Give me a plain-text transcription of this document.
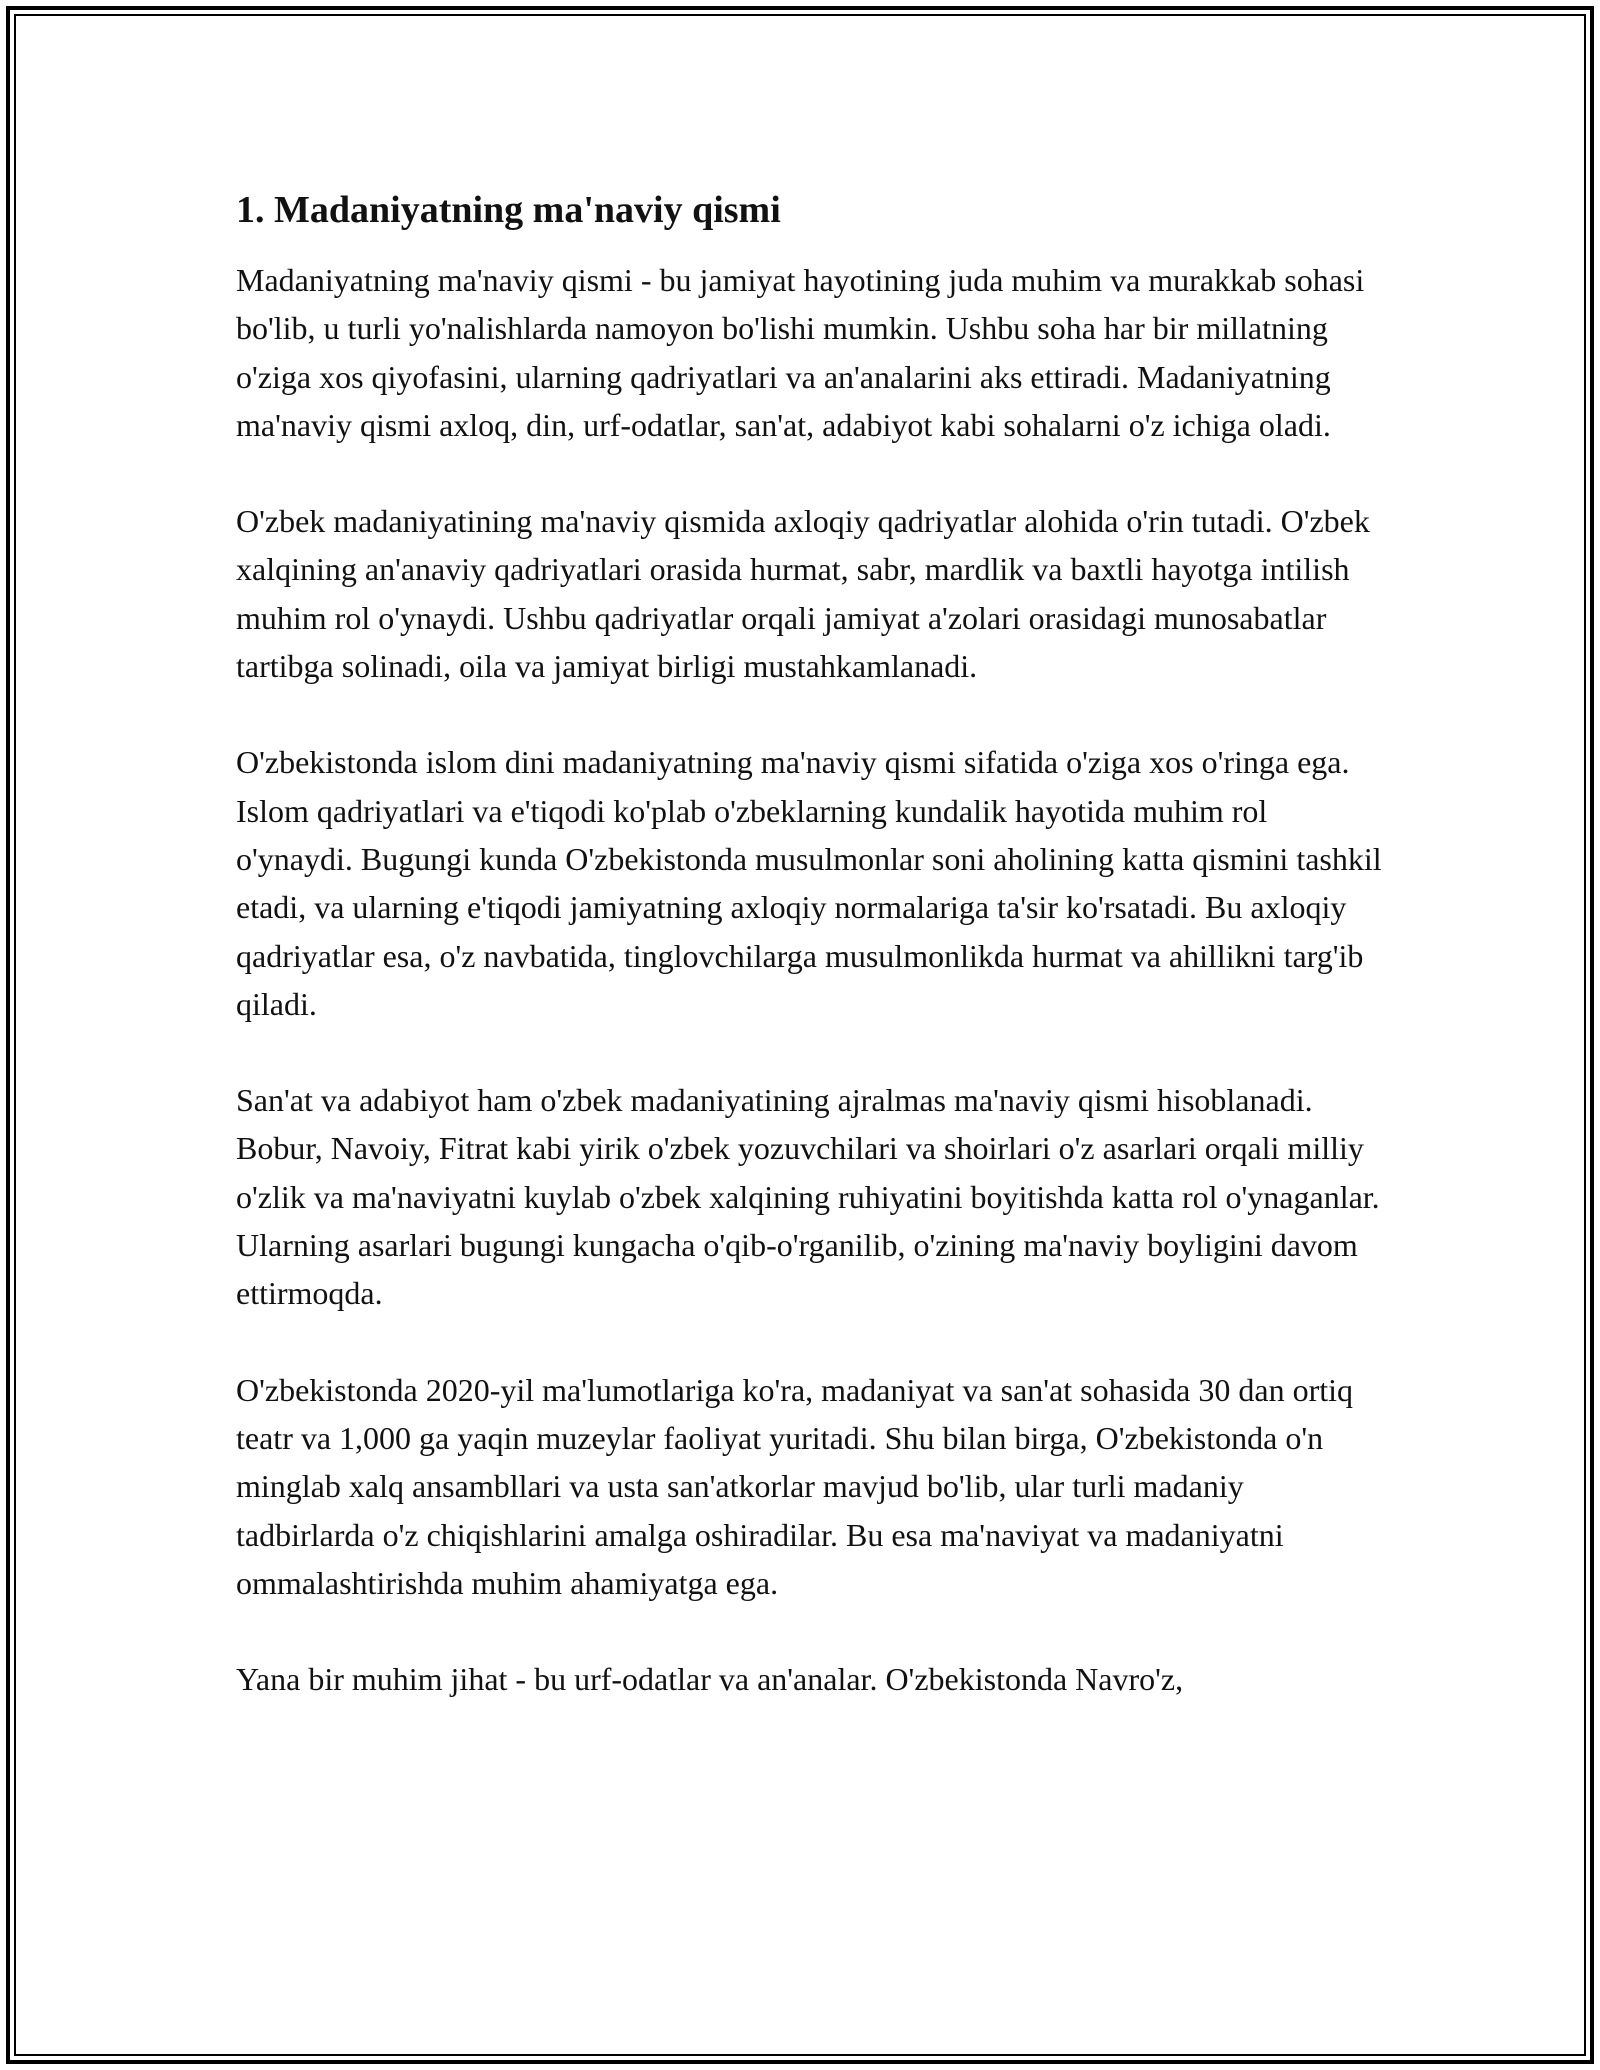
1. Madaniyatning ma'naviy qismi

Madaniyatning ma'naviy qismi - bu jamiyat hayotining juda muhim va murakkab sohasi bo'lib, u turli yo'nalishlarda namoyon bo'lishi mumkin. Ushbu soha har bir millatning o'ziga xos qiyofasini, ularning qadriyatlari va an'analarini aks ettiradi. Madaniyatning ma'naviy qismi axloq, din, urf-odatlar, san'at, adabiyot kabi sohalarni o'z ichiga oladi.

O'zbek madaniyatining ma'naviy qismida axloqiy qadriyatlar alohida o'rin tutadi. O'zbek xalqining an'anaviy qadriyatlari orasida hurmat, sabr, mardlik va baxtli hayotga intilish muhim rol o'ynaydi. Ushbu qadriyatlar orqali jamiyat a'zolari orasidagi munosabatlar tartibga solinadi, oila va jamiyat birligi mustahkamlanadi.

O'zbekistonda islom dini madaniyatning ma'naviy qismi sifatida o'ziga xos o'ringa ega. Islom qadriyatlari va e'tiqodi ko'plab o'zbeklarning kundalik hayotida muhim rol o'ynaydi. Bugungi kunda O'zbekistonda musulmonlar soni aholining katta qismini tashkil etadi, va ularning e'tiqodi jamiyatning axloqiy normalariga ta'sir ko'rsatadi. Bu axloqiy qadriyatlar esa, o'z navbatida, tinglovchilarga musulmonlikda hurmat va ahillikni targ'ib qiladi.

San'at va adabiyot ham o'zbek madaniyatining ajralmas ma'naviy qismi hisoblanadi. Bobur, Navoiy, Fitrat kabi yirik o'zbek yozuvchilari va shoirlari o'z asarlari orqali milliy o'zlik va ma'naviyatni kuylab o'zbek xalqining ruhiyatini boyitishda katta rol o'ynaganlar. Ularning asarlari bugungi kungacha o'qib-o'rganilib, o'zining ma'naviy boyligini davom ettirmoqda.

O'zbekistonda 2020-yil ma'lumotlariga ko'ra, madaniyat va san'at sohasida 30 dan ortiq teatr va 1,000 ga yaqin muzeylar faoliyat yuritadi. Shu bilan birga, O'zbekistonda o'n minglab xalq ansambllari va usta san'atkorlar mavjud bo'lib, ular turli madaniy tadbirlarda o'z chiqishlarini amalga oshiradilar. Bu esa ma'naviyat va madaniyatni ommalashtirishda muhim ahamiyatga ega.

Yana bir muhim jihat - bu urf-odatlar va an'analar. O'zbekistonda Navro'z,
